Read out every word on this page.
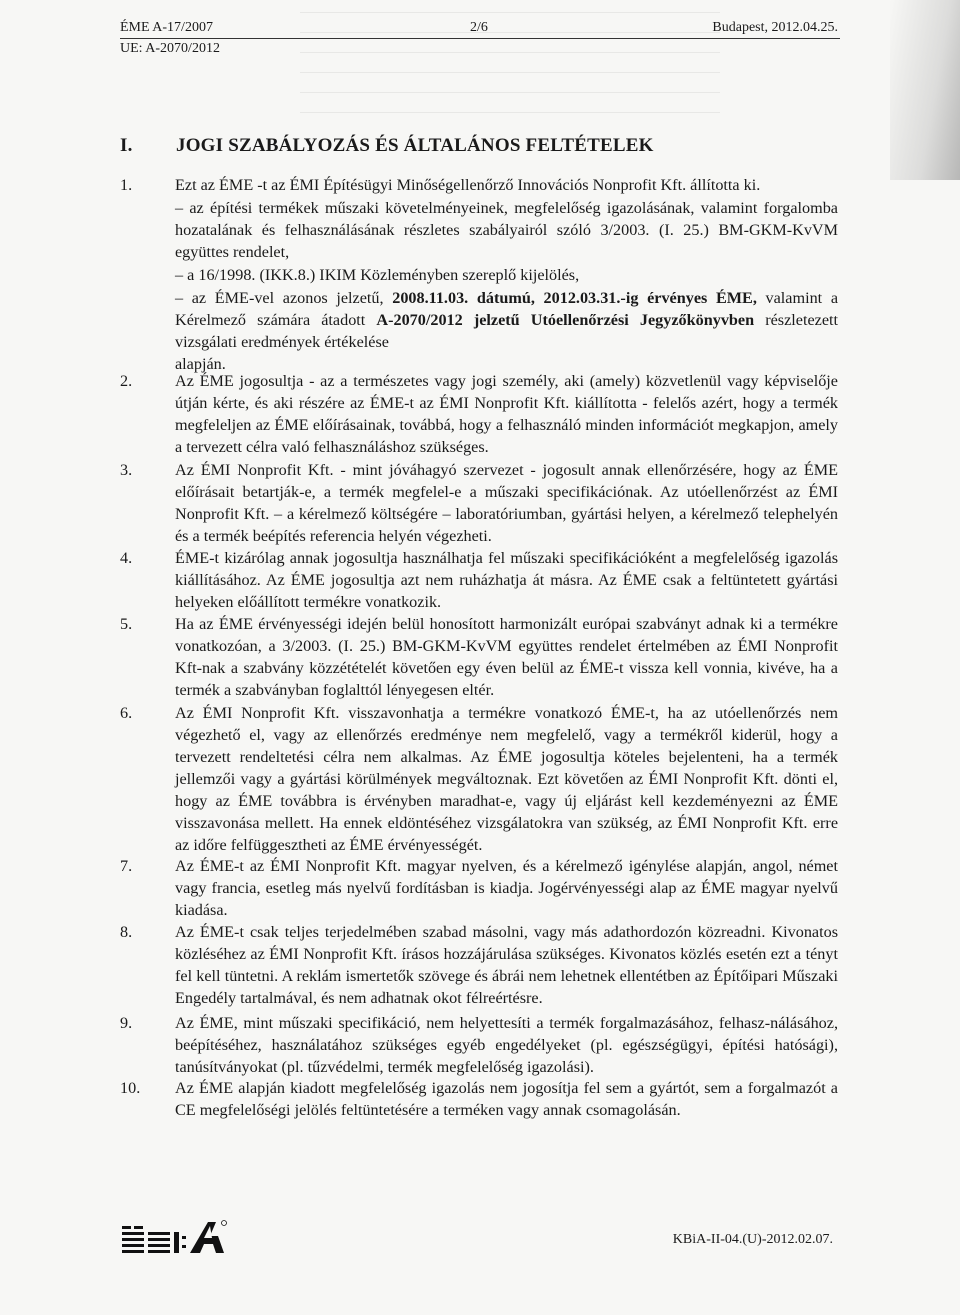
ÉME A-17/2007	2/6	Budapest, 2012.04.25.
UE: A-2070/2012
I. JOGI SZABÁLYOZÁS ÉS ÁLTALÁNOS FELTÉTELEK
1.	Ezt az ÉME -t az ÉMI Építésügyi Minőségellenőrző Innovációs Nonprofit Kft. állította ki.

– az építési termékek műszaki követelményeinek, megfelelőség igazolásának, valamint forgalomba hozatalának és felhasználásának részletes szabályairól szóló 3/2003. (I. 25.) BM-GKM-KvVM együttes rendelet,

– a 16/1998. (IKK.8.) IKIM Közleményben szereplő kijelölés,

– az ÉME-vel azonos jelzetű, 2008.11.03. dátumú, 2012.03.31.-ig érvényes ÉME, valamint a Kérelmező számára átadott A-2070/2012 jelzetű Utóellenőrzési Jegyzőkönyvben részletezett vizsgálati eredmények értékelése

alapján.

2.	Az ÉME jogosultja - az a természetes vagy jogi személy, aki (amely) közvetlenül vagy képviselője útján kérte, és aki részére az ÉME-t az ÉMI Nonprofit Kft. kiállította - felelős azért, hogy a termék megfeleljen az ÉME előírásainak, továbbá, hogy a felhasználó minden információt megkapjon, amely a tervezett célra való felhasználáshoz szükséges.
3.	Az ÉMI Nonprofit Kft. - mint jóváhagyó szervezet - jogosult annak ellenőrzésére, hogy az ÉME előírásait betartják-e, a termék megfelel-e a műszaki specifikációnak. Az utóellenőrzést az ÉMI Nonprofit Kft. – a kérelmező költségére – laboratóriumban, gyártási helyen, a kérelmező telephelyén és a termék beépítés referencia helyén végezheti.
4.	ÉME-t kizárólag annak jogosultja használhatja fel műszaki specifikációként a megfelelőség igazolás kiállításához. Az ÉME jogosultja azt nem ruházhatja át másra. Az ÉME csak a feltüntetett gyártási helyeken előállított termékre vonatkozik.
5.	Ha az ÉME érvényességi idején belül honosított harmonizált európai szabványt adnak ki a termékre vonatkozóan, a 3/2003. (I. 25.) BM-GKM-KvVM együttes rendelet értelmében az ÉMI Nonprofit Kft-nak a szabvány közzétételét követően egy éven belül az ÉME-t vissza kell vonnia, kivéve, ha a termék a szabványban foglalttól lényegesen eltér.
6.	Az ÉMI Nonprofit Kft. visszavonhatja a termékre vonatkozó ÉME-t, ha az utóellenőrzés nem végezhető el, vagy az ellenőrzés eredménye nem megfelelő, vagy a termékről kiderül, hogy a tervezett rendeltetési célra nem alkalmas. Az ÉME jogosultja köteles bejelenteni, ha a termék jellemzői vagy a gyártási körülmények megváltoznak. Ezt követően az ÉMI Nonprofit Kft. dönti el, hogy az ÉME továbbra is érvényben maradhat-e, vagy új eljárást kell kezdeményezni az ÉME visszavonása mellett. Ha ennek eldöntéséhez vizsgálatokra van szükség, az ÉMI Nonprofit Kft. erre az időre felfüggesztheti az ÉME érvényességét.
7.	Az ÉME-t az ÉMI Nonprofit Kft. magyar nyelven, és a kérelmező igénylése alapján, angol, német vagy francia, esetleg más nyelvű fordításban is kiadja. Jogérvényességi alap az ÉME magyar nyelvű kiadása.
8.	Az ÉME-t csak teljes terjedelmében szabad másolni, vagy más adathordozón közreadni. Kivonatos közléséhez az ÉMI Nonprofit Kft. írásos hozzájárulása szükséges. Kivonatos közlés esetén ezt a tényt fel kell tüntetni. A reklám ismertetők szövege és ábrái nem lehetnek ellentétben az Építőipari Műszaki Engedély tartalmával, és nem adhatnak okot félreértésre.
9.	Az ÉME, mint műszaki specifikáció, nem helyettesíti a termék forgalmazásához, felhasz-nálásához, beépítéséhez, használatához szükséges egyéb engedélyeket (pl. egészségügyi, építési hatósági), tanúsítványokat (pl. tűzvédelmi, termék megfelelőség igazolási).
10. Az ÉME alapján kiadott megfelelőség igazolás nem jogosítja fel sem a gyártót, sem a forgalmazót a CE megfelelőségi jelölés feltüntetésére a terméken vagy annak csomagolásán.
KBiA-II-04.(U)-2012.02.07.
